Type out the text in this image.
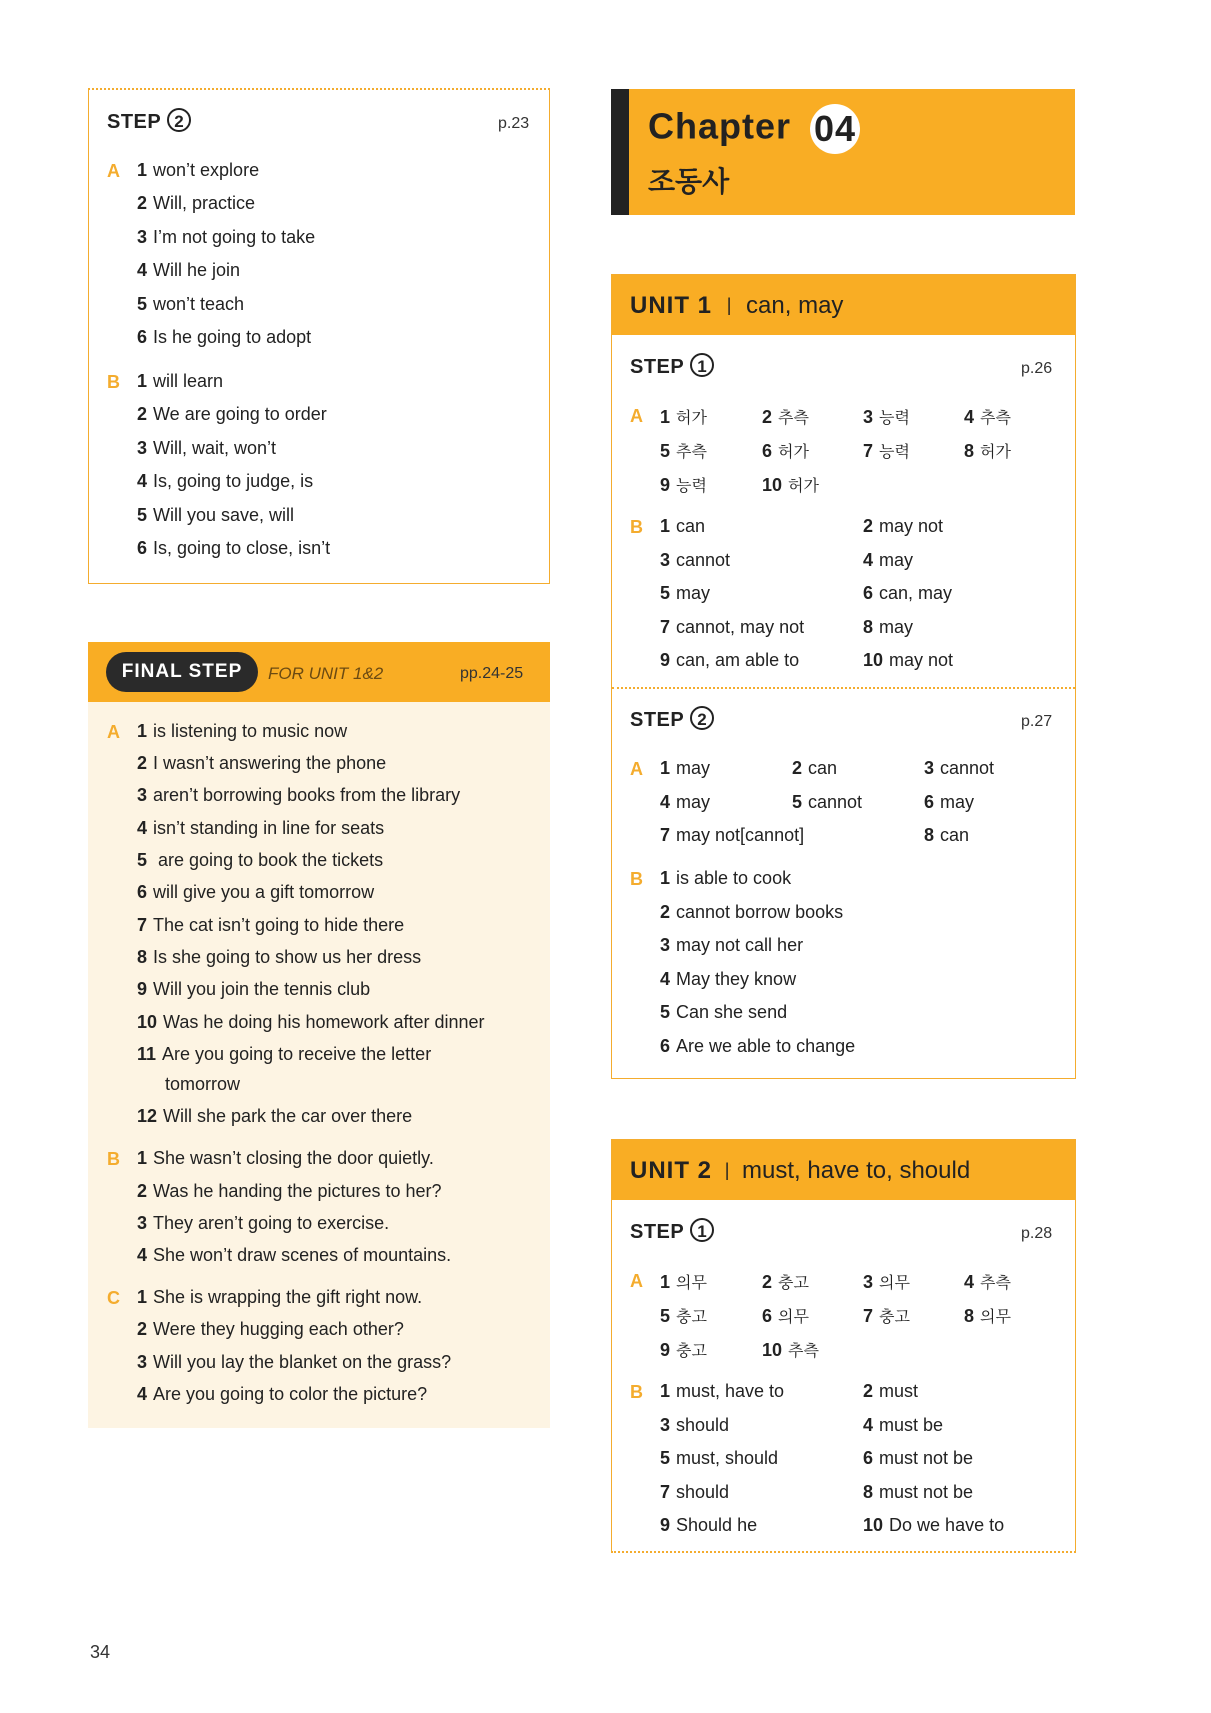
STEP 2	p.23
A 1 won’t explore
2 Will, practice
3 I’m not going to take
4 Will he join
5 won’t teach
6 Is he going to adopt
B 1 will learn
2 We are going to order
3 Will, wait, won’t
4 Is, going to judge, is
5 Will you save, will
6 Is, going to close, isn’t
FINAL STEP	FOR UNIT 1&2	pp.24-25
A 1 is listening to music now
2 I wasn’t answering the phone
3 aren’t borrowing books from the library
4 isn’t standing in line for seats
5 are going to book the tickets
6 will give you a gift tomorrow
7 The cat isn’t going to hide there
8 Is she going to show us her dress
9 Will you join the tennis club
10 Was he doing his homework after dinner
11 Are you going to receive the letter
tomorrow
12 Will she park the car over there
B 1 She wasn’t closing the door quietly.
2 Was he handing the pictures to her?
3 They aren’t going to exercise.
4 She won’t draw scenes of mountains.
C 1 She is wrapping the gift right now.
2 Were they hugging each other?
3 Will you lay the blanket on the grass?
4 Are you going to color the picture?
Chapter 04
조동사
UNIT 1 | can, may
STEP 1	p.26
A 1 허가	2 추측	3 능력	4 추측
5 추측	6 허가	7 능력	8 허가
9 능력	10 허가
B 1 can	2 may not
3 cannot	4 may
5 may	6 can, may
7 cannot, may not	8 may
9 can, am able to	10 may not
STEP 2	p.27
A 1 may	2 can	3 cannot
4 may	5 cannot	6 may
7 may not[cannot]	8 can
B 1 is able to cook
2 cannot borrow books
3 may not call her
4 May they know
5 Can she send
6 Are we able to change
UNIT 2 | must, have to, should
STEP 1	p.28
A 1 의무	2 충고	3 의무	4 추측
5 충고	6 의무	7 충고	8 의무
9 충고	10 추측
B 1 must, have to	2 must
3 should	4 must be
5 must, should	6 must not be
7 should	8 must not be
9 Should he	10 Do we have to
34
